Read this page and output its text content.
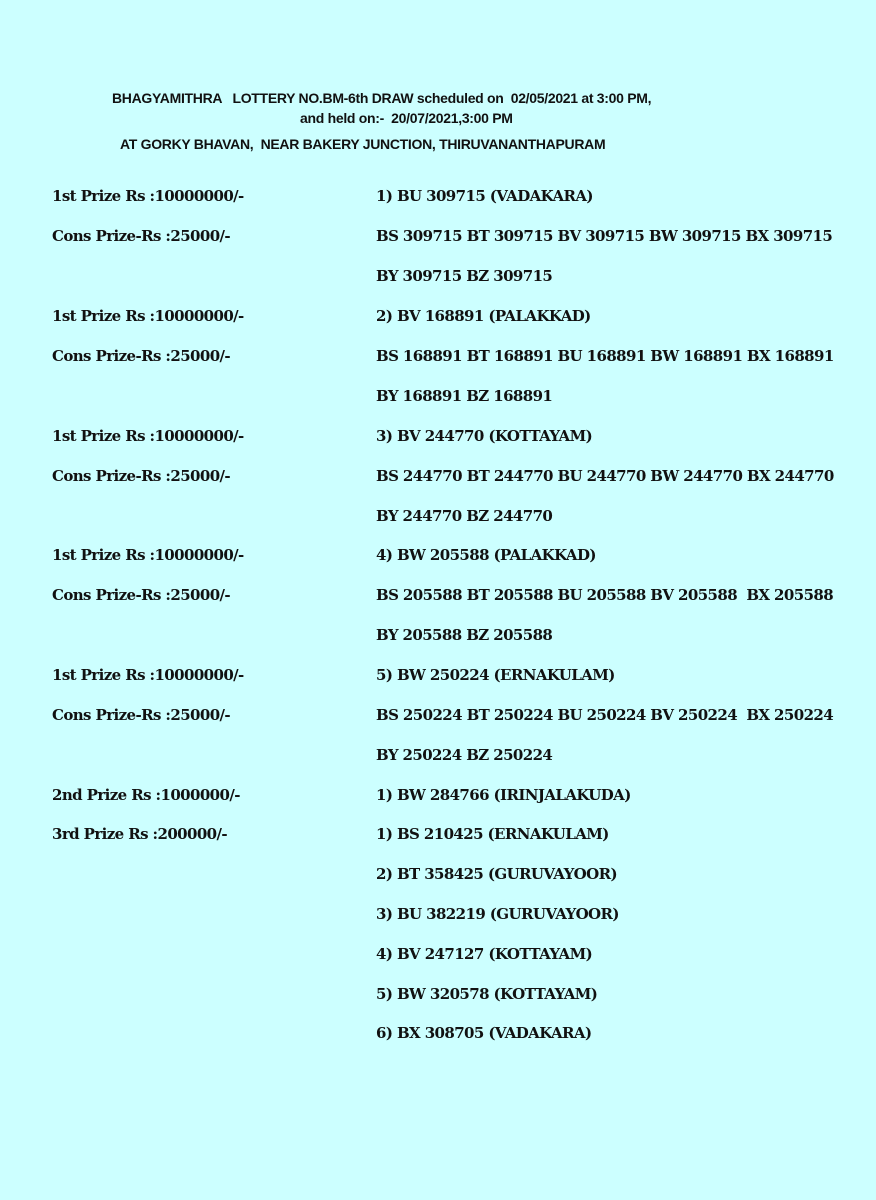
BHAGYAMITHRA   LOTTERY NO.BM-6th DRAW scheduled on  02/05/2021 at 3:00 PM,
and held on:-  20/07/2021,3:00 PM
AT GORKY BHAVAN,  NEAR BAKERY JUNCTION, THIRUVANANTHAPURAM
1st Prize Rs :10000000/-	1) BU 309715 (VADAKARA)
Cons Prize-Rs :25000/-	BS 309715 BT 309715 BV 309715 BW 309715 BX 309715
BY 309715 BZ 309715
1st Prize Rs :10000000/-	2) BV 168891 (PALAKKAD)
Cons Prize-Rs :25000/-	BS 168891 BT 168891 BU 168891 BW 168891 BX 168891
BY 168891 BZ 168891
1st Prize Rs :10000000/-	3) BV 244770 (KOTTAYAM)
Cons Prize-Rs :25000/-	BS 244770 BT 244770 BU 244770 BW 244770 BX 244770
BY 244770 BZ 244770
1st Prize Rs :10000000/-	4) BW 205588 (PALAKKAD)
Cons Prize-Rs :25000/-	BS 205588 BT 205588 BU 205588 BV 205588  BX 205588
BY 205588 BZ 205588
1st Prize Rs :10000000/-	5) BW 250224 (ERNAKULAM)
Cons Prize-Rs :25000/-	BS 250224 BT 250224 BU 250224 BV 250224  BX 250224
BY 250224 BZ 250224
2nd Prize Rs :1000000/-	1) BW 284766 (IRINJALAKUDA)
3rd Prize Rs :200000/-	1) BS 210425 (ERNAKULAM)
2) BT 358425 (GURUVAYOOR)
3) BU 382219 (GURUVAYOOR)
4) BV 247127 (KOTTAYAM)
5) BW 320578 (KOTTAYAM)
6) BX 308705 (VADAKARA)
